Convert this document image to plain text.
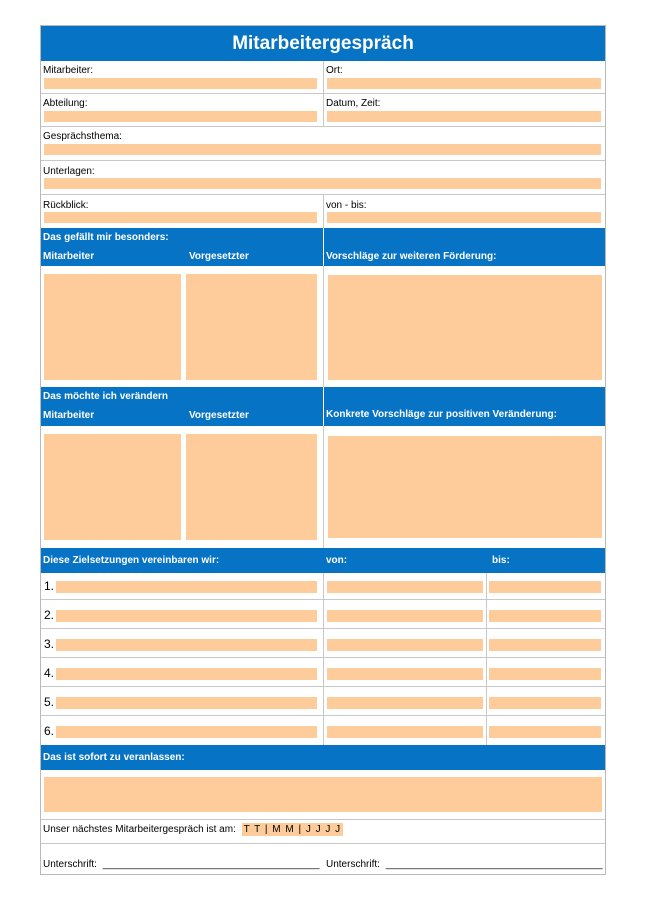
Mitarbeitergespräch
Mitarbeiter:	Ort:
Abteilung:	Datum, Zeit:
Gesprächsthema:
Unterlagen:
Rückblick:	von - bis:
Das gefällt mir besonders:
Mitarbeiter	Vorgesetzter	Vorschläge zur weiteren Förderung:
Das möchte ich verändern
Mitarbeiter	Vorgesetzter	Konkrete Vorschläge zur positiven Veränderung:
Diese Zielsetzungen vereinbaren wir:	von:	bis:
1.
2.
3.
4.
5.
6.
Das ist sofort zu veranlassen:
Unser nächstes Mitarbeitergespräch ist am: T T | M M | J J J J
Unterschrift: _______________________________________ Unterschrift: _______________________________________
